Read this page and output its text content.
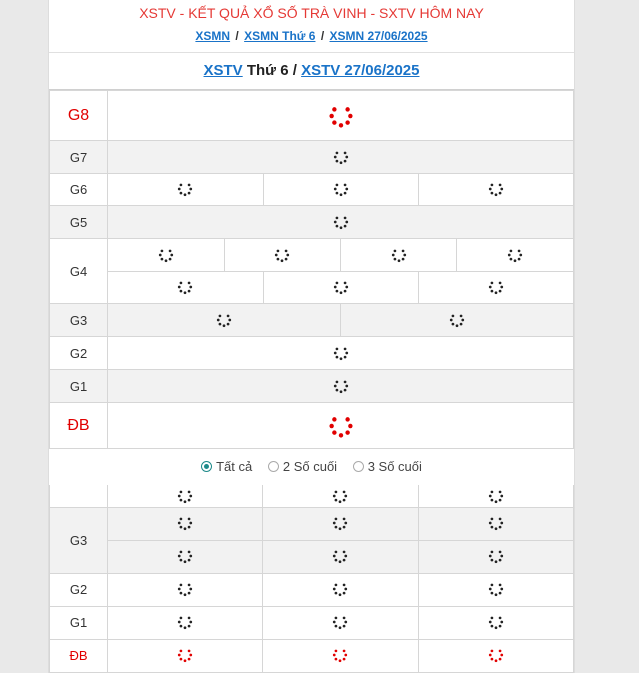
XSTV - KẾT QUẢ XỔ SỐ TRÀ VINH - SXTV HÔM NAY
XSMN / XSMN Thứ 6 / XSMN 27/06/2025
XSTV Thứ 6 / XSTV 27/06/2025
G8	

G7	

G6	

G5	

G4	

G3	

G2	

G1	

ĐB	
Tất cả 2 Số cuối 3 Số cuối

G3			

G2			
G1			
ĐB			
